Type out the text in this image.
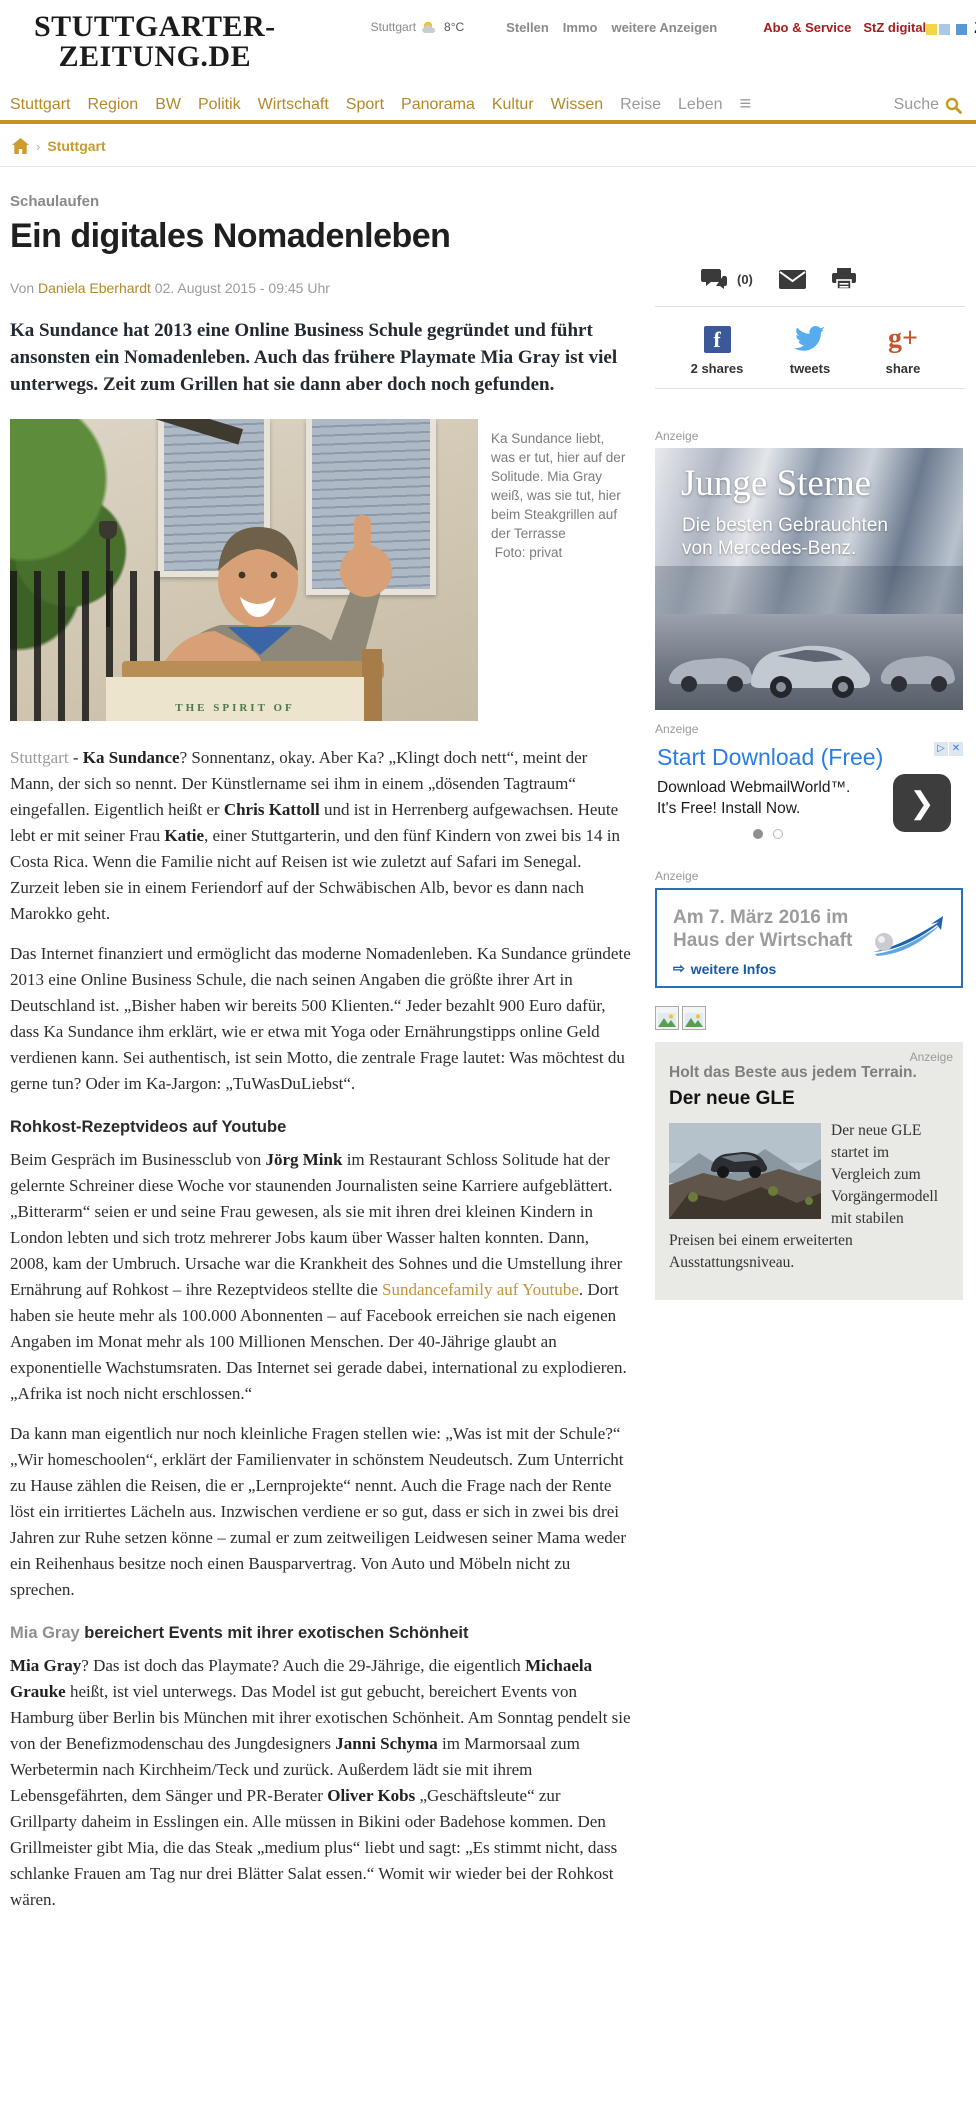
STUTTGARTER-
ZEITUNG.DE
Stuttgart 8°C	Stellen Immo weitere Anzeigen	Abo & Service StZ digital
Stuttgart Region BW Politik Wirtschaft Sport Panorama Kultur Wissen Reise Leben ≡	Suche
› Stuttgart
Schaulaufen
Ein digitales Nomadenleben
Von Daniela Eberhardt 02. August 2015 - 09:45 Uhr

Ka Sundance hat 2013 eine Online Business Schule gegründet und führt ansonsten ein Nomadenleben. Auch das frühere Playmate Mia Gray ist viel unterwegs. Zeit zum Grillen hat sie dann aber doch noch gefunden.

THE SPIRIT OF
Ka Sundance liebt, was er tut, hier auf der Solitude. Mia Gray weiß, was sie tut, hier beim Steakgrillen auf der Terrasse  Foto: privat

Stuttgart - Ka Sundance? Sonnentanz, okay. Aber Ka? „Klingt doch nett“, meint der Mann, der sich so nennt. Der Künstlername sei ihm in einem „dösenden Tagtraum“ eingefallen. Eigentlich heißt er Chris Kattoll und ist in Herrenberg aufgewachsen. Heute lebt er mit seiner Frau Katie, einer Stuttgarterin, und den fünf Kindern von zwei bis 14 in Costa Rica. Wenn die Familie nicht auf Reisen ist wie zuletzt auf Safari im Senegal. Zurzeit leben sie in einem Feriendorf auf der Schwäbischen Alb, bevor es dann nach Marokko geht.

Das Internet finanziert und ermöglicht das moderne Nomadenleben. Ka Sundance gründete 2013 eine Online Business Schule, die nach seinen Angaben die größte ihrer Art in Deutschland ist. „Bisher haben wir bereits 500 Klienten.“ Jeder bezahlt 900 Euro dafür, dass Ka Sundance ihm erklärt, wie er etwa mit Yoga oder Ernährungstipps online Geld verdienen kann. Sei authentisch, ist sein Motto, die zentrale Frage lautet: Was möchtest du gerne tun? Oder im Ka-Jargon: „TuWasDuLiebst“.

Rohkost-Rezeptvideos auf Youtube

Beim Gespräch im Businessclub von Jörg Mink im Restaurant Schloss Solitude hat der gelernte Schreiner diese Woche vor staunenden Journalisten seine Karriere aufgeblättert. „Bitterarm“ seien er und seine Frau gewesen, als sie mit ihren drei kleinen Kindern in London lebten und sich trotz mehrerer Jobs kaum über Wasser halten konnten. Dann, 2008, kam der Umbruch. Ursache war die Krankheit des Sohnes und die Umstellung ihrer Ernährung auf Rohkost – ihre Rezeptvideos stellte die Sundancefamily auf Youtube. Dort haben sie heute mehr als 100.000 Abonnenten – auf Facebook erreichen sie nach eigenen Angaben im Monat mehr als 100 Millionen Menschen. Der 40-Jährige glaubt an exponentielle Wachstumsraten. Das Internet sei gerade dabei, international zu explodieren. „Afrika ist noch nicht erschlossen.“

Da kann man eigentlich nur noch kleinliche Fragen stellen wie: „Was ist mit der Schule?“ „Wir homeschoolen“, erklärt der Familienvater in schönstem Neudeutsch. Zum Unterricht zu Hause zählen die Reisen, die er „Lernprojekte“ nennt. Auch die Frage nach der Rente löst ein irritiertes Lächeln aus. Inzwischen verdiene er so gut, dass er sich in zwei bis drei Jahren zur Ruhe setzen könne – zumal er zum zeitweiligen Leidwesen seiner Mama weder ein Reihenhaus besitze noch einen Bausparvertrag. Von Auto und Möbeln nicht zu sprechen.

Mia Gray bereichert Events mit ihrer exotischen Schönheit

Mia Gray? Das ist doch das Playmate? Auch die 29-Jährige, die eigentlich Michaela Grauke heißt, ist viel unterwegs. Das Model ist gut gebucht, bereichert Events von Hamburg über Berlin bis München mit ihrer exotischen Schönheit. Am Sonntag pendelt sie von der Benefizmodenschau des Jungdesigners Janni Schyma im Marmorsaal zum Werbetermin nach Kirchheim/Teck und zurück. Außerdem lädt sie mit ihrem Lebensgefährten, dem Sänger und PR-Berater Oliver Kobs „Geschäftsleute“ zur Grillparty daheim in Esslingen ein. Alle müssen in Bikini oder Badehose kommen. Den Grillmeister gibt Mia, die das Steak „medium plus“ liebt und sagt: „Es stimmt nicht, dass schlanke Frauen am Tag nur drei Blätter Salat essen.“ Womit wir wieder bei der Rohkost wären.

(0)
f
2 shares	tweets
g+
share
Anzeige
Junge Sterne
Die besten Gebrauchten
von Mercedes-Benz.
Anzeige
▷ ✕
Start Download (Free)
Download WebmailWorld™.
It's Free! Install Now.	❯
Anzeige
Am 7. März 2016 im
Haus der Wirtschaft
⇨ weitere Infos
Anzeige
Holt das Beste aus jedem Terrain.
Der neue GLE
Der neue GLE startet im Vergleich zum Vorgängermodell mit stabilen Preisen bei einem erweiterten Ausstattungsniveau.
